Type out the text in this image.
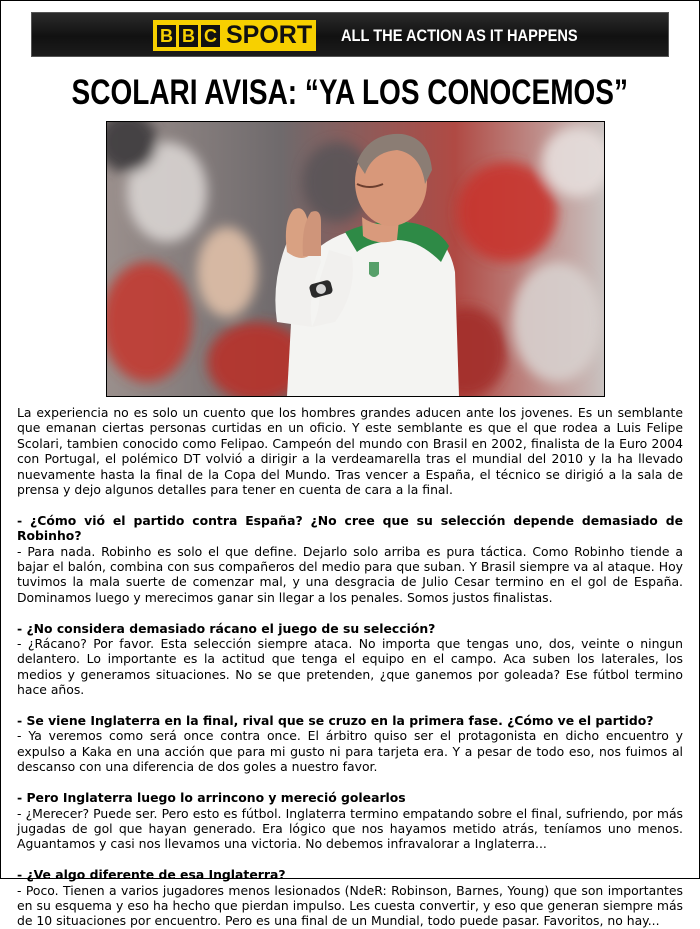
B B C SPORT ALL THE ACTION AS IT HAPPENS
SCOLARI AVISA: “YA LOS CONOCEMOS”

La experiencia no es solo un cuento que los hombres grandes aducen ante los jovenes. Es un semblante que emanan ciertas personas curtidas en un oficio. Y este semblante es que el que rodea a Luis Felipe Scolari, tambien conocido como Felipao. Campeón del mundo con Brasil en 2002, finalista de la Euro 2004 con Portugal, el polémico DT volvió a dirigir a la verdeamarella tras el mundial del 2010 y la ha llevado nuevamente hasta la final de la Copa del Mundo. Tras vencer a España, el técnico se dirigió a la sala de prensa y dejo algunos detalles para tener en cuenta de cara a la final.

- ¿Cómo vió el partido contra España? ¿No cree que su selección depende demasiado de Robinho?

- Para nada. Robinho es solo el que define. Dejarlo solo arriba es pura táctica. Como Robinho tiende a bajar el balón, combina con sus compañeros del medio para que suban. Y Brasil siempre va al ataque. Hoy tuvimos la mala suerte de comenzar mal, y una desgracia de Julio Cesar termino en el gol de España. Dominamos luego y merecimos ganar sin llegar a los penales. Somos justos finalistas.

- ¿No considera demasiado rácano el juego de su selección?

- ¿Rácano? Por favor. Esta selección siempre ataca. No importa que tengas uno, dos, veinte o ningun delantero. Lo importante es la actitud que tenga el equipo en el campo. Aca suben los laterales, los medios y generamos situaciones. No se que pretenden, ¿que ganemos por goleada? Ese fútbol termino hace años.

- Se viene Inglaterra en la final, rival que se cruzo en la primera fase. ¿Cómo ve el partido?

- Ya veremos como será once contra once. El árbitro quiso ser el protagonista en dicho encuentro y expulso a Kaka en una acción que para mi gusto ni para tarjeta era. Y a pesar de todo eso, nos fuimos al descanso con una diferencia de dos goles a nuestro favor.

- Pero Inglaterra luego lo arrincono y mereció golearlos

- ¿Merecer? Puede ser. Pero esto es fútbol. Inglaterra termino empatando sobre el final, sufriendo, por más jugadas de gol que hayan generado. Era lógico que nos hayamos metido atrás, teníamos uno menos. Aguantamos y casi nos llevamos una victoria. No debemos infravalorar a Inglaterra...

- ¿Ve algo diferente de esa Inglaterra?

- Poco. Tienen a varios jugadores menos lesionados (NdeR: Robinson, Barnes, Young) que son importantes en su esquema y eso ha hecho que pierdan impulso. Les cuesta convertir, y eso que generan siempre más de 10 situaciones por encuentro. Pero es una final de un Mundial, todo puede pasar. Favoritos, no hay...
